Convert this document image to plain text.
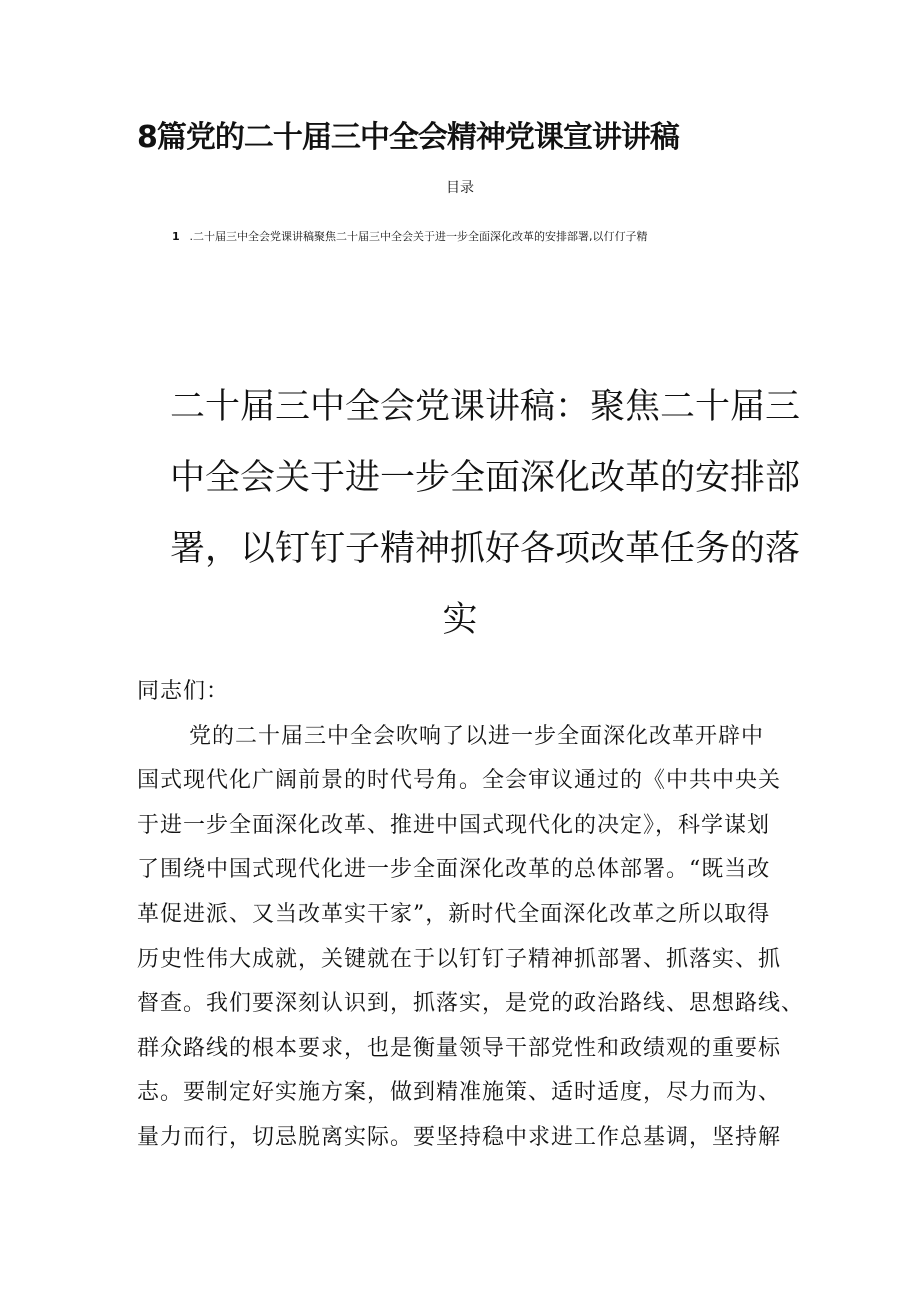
8篇党的二十届三中全会精神党课宣讲讲稿
目录
1 .二十届三中全会党课讲稿聚焦二十届三中全会关于进一步全面深化改革的安排部署,以仃仃子精
二十届三中全会党课讲稿：聚焦二十届三
中全会关于进一步全面深化改革的安排部
署，以钉钉子精神抓好各项改革任务的落
实
同志们：
党的二十届三中全会吹响了以进一步全面深化改革开辟中
国式现代化广阔前景的时代号角。全会审议通过的《中共中央关
于进一步全面深化改革、推进中国式现代化的决定》，科学谋划
了围绕中国式现代化进一步全面深化改革的总体部署。“既当改
革促进派、又当改革实干家”，新时代全面深化改革之所以取得
历史性伟大成就，关键就在于以钉钉子精神抓部署、抓落实、抓
督查。我们要深刻认识到，抓落实，是党的政治路线、思想路线、
群众路线的根本要求，也是衡量领导干部党性和政绩观的重要标
志。要制定好实施方案，做到精准施策、适时适度，尽力而为、
量力而行，切忌脱离实际。要坚持稳中求进工作总基调，坚持解
